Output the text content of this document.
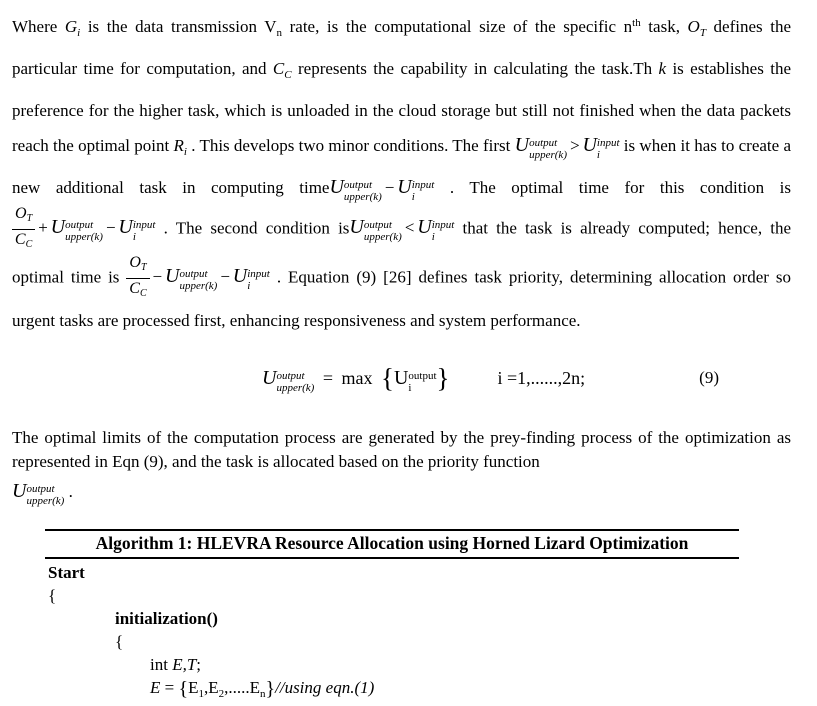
Where $G_i$ is the data transmission $V_n$ rate, is the computational size of the specific $n^{th}$ task, $O_T$ defines the particular time for computation, and $C_C$ represents the capability in calculating the task.Th k is establishes the preference for the higher task, which is unloaded in the cloud storage but still not finished when the data packets reach the optimal point $R_i$ . This develops two minor conditions. The first U output
upper(k) > U input
i	is when it has to create a new additional task in computing timeU output
upper(k) − U input
i	. The optimal time for this condition is
$\frac{OT}{CC} + U$ output
upper(k) − U input
i	. The second condition isU output
upper(k) < U input
i	that the task is already computed; hence, the optimal time is $\frac{OT}{CC} - U$ output
upper(k) − U input
i	. Equation (9) [26] defines task priority, determining allocation order so urgent tasks are processed first, enhancing responsiveness and system performance.

U output
upper(k) = max {U output
i }	i =1,......,2n;	(9)

The optimal limits of the computation process are generated by the prey-finding process of the optimization as represented in Eqn (9), and the task is allocated based on the priority function

U output
upper(k) .

Algorithm 1: HLEVRA Resource Allocation using Horned Lizard Optimization
Start
{
initialization()
{
int E,T;
$E = \{E_1,E_2,.....E_n\}/$/using eqn.(1)
